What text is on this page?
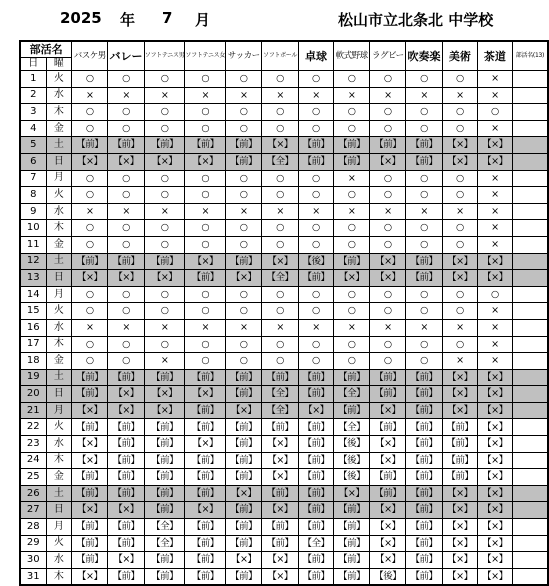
2025 年 7 月	松山市立北条北 中学校
部活名		バスケ男	バレー	ソフトテニス男	ソフトテニス女	サッカー	ソフトボール	卓球	軟式野球	ラグビー	吹奏楽	美術	茶道	部活名(13)
日	曜													
1	火	○	○	○	○	○	○	○	○	○	○	○	×	
2	水	×	×	×	×	×	×	×	×	×	×	×	×	
3	木	○	○	○	○	○	○	○	○	○	○	○	○	
4	金	○	○	○	○	○	○	○	○	○	○	○	×	
5	土	【前】	【前】	【前】	【前】	【前】	【×】	【前】	【前】	【前】	【前】	【×】	【×】	
6	日	【×】	【×】	【×】	【×】	【前】	【全】	【前】	【前】	【×】	【前】	【×】	【×】	
7	月	○	○	○	○	○	○	○	×	○	○	○	×	
8	火	○	○	○	○	○	○	○	○	○	○	○	×	
9	水	×	×	×	×	×	×	×	×	×	×	×	×	
10	木	○	○	○	○	○	○	○	○	○	○	○	×	
11	金	○	○	○	○	○	○	○	○	○	○	○	×	
12	土	【前】	【前】	【前】	【×】	【前】	【×】	【後】	【前】	【×】	【前】	【×】	【×】	
13	日	【×】	【×】	【×】	【前】	【×】	【全】	【前】	【×】	【×】	【前】	【×】	【×】	
14	月	○	○	○	○	○	○	○	○	○	○	○	○	
15	火	○	○	○	○	○	○	○	○	○	○	○	×	
16	水	×	×	×	×	×	×	×	×	×	×	×	×	
17	木	○	○	○	○	○	○	○	○	○	○	○	×	
18	金	○	○	×	○	○	○	○	○	○	○	×	×	
19	土	【前】	【前】	【前】	【前】	【前】	【前】	【前】	【前】	【前】	【前】	【×】	【×】	
20	日	【前】	【×】	【×】	【×】	【前】	【全】	【前】	【全】	【前】	【前】	【×】	【×】	
21	月	【×】	【×】	【×】	【前】	【×】	【全】	【×】	【前】	【×】	【前】	【×】	【×】	
22	火	【前】	【前】	【前】	【前】	【前】	【前】	【前】	【全】	【前】	【前】	【前】	【×】	
23	水	【×】	【前】	【前】	【×】	【前】	【×】	【前】	【後】	【×】	【前】	【前】	【×】	
24	木	【×】	【前】	【前】	【前】	【前】	【×】	【前】	【後】	【×】	【前】	【前】	【×】	
25	金	【前】	【前】	【前】	【前】	【前】	【×】	【前】	【後】	【前】	【前】	【前】	【×】	
26	土	【前】	【前】	【前】	【前】	【×】	【前】	【前】	【×】	【前】	【前】	【×】	【×】	
27	日	【×】	【×】	【前】	【×】	【前】	【×】	【前】	【前】	【×】	【前】	【×】	【×】	
28	月	【前】	【前】	【全】	【前】	【前】	【前】	【前】	【前】	【×】	【前】	【×】	【×】	
29	火	【前】	【前】	【全】	【前】	【前】	【前】	【全】	【前】	【×】	【前】	【×】	【×】	
30	水	【前】	【×】	【前】	【前】	【×】	【×】	【前】	【前】	【×】	【前】	【×】	【×】	
31	木	【×】	【前】	【前】	【前】	【前】	【×】	【前】	【前】	【後】	【前】	【×】	【×】	
